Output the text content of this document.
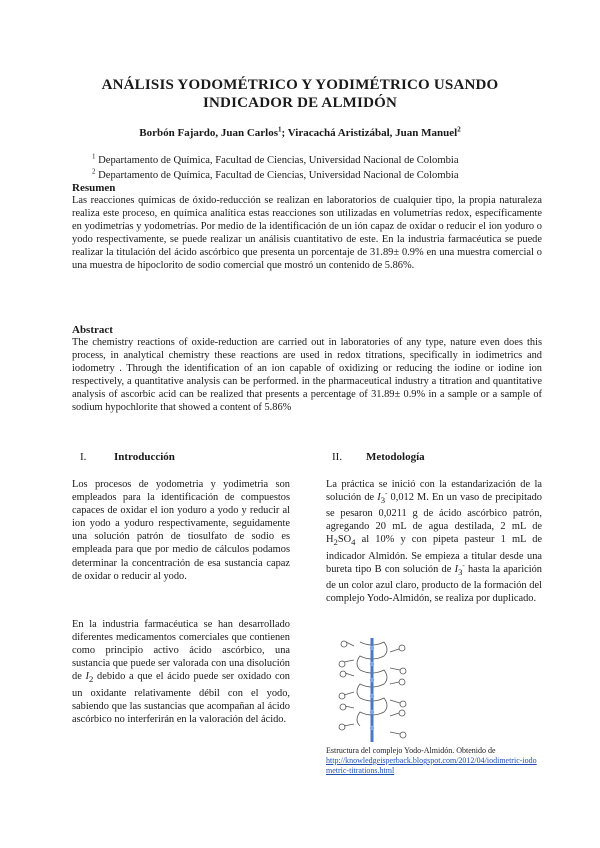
ANÁLISIS YODOMÉTRICO Y YODIMÉTRICO USANDO
INDICADOR DE ALMIDÓN
Borbón Fajardo, Juan Carlos$^1$; Viracachá Aristizábal, Juan Manuel$^2$
$^1$ Departamento de Química, Facultad de Ciencias, Universidad Nacional de Colombia
$^2$ Departamento de Química, Facultad de Ciencias, Universidad Nacional de Colombia
Resumen
Las reacciones químicas de óxido-reducción se realizan en laboratorios de cualquier tipo, la propia naturaleza realiza este proceso, en química analítica estas reacciones son utilizadas en volumetrías redox, específicamente en yodimetrías y yodometrías. Por medio de la identificación de un ión capaz de oxidar o reducir el ion yoduro o yodo respectivamente, se puede realizar un análisis cuantitativo de este. En la industria farmacéutica se puede realizar la titulación del ácido ascórbico que presenta un porcentaje de 31.89± 0.9% en una muestra comercial o una muestra de hipoclorito de sodio comercial que mostró un contenido de 5.86%.
Abstract
The chemistry reactions of oxide-reduction are carried out in laboratories of any type, nature even does this process, in analytical chemistry these reactions are used in redox titrations, specifically in iodimetrics and iodometry . Through the identification of an ion capable of oxidizing or reducing the iodine or iodine ion respectively, a quantitative analysis can be performed. in the pharmaceutical industry a titration and quantitative analysis of ascorbic acid can be realized that presents a percentage of 31.89± 0.9% in a sample or a sample of sodium hypochlorite that showed a content of 5.86%
I.	Introducción
Los procesos de yodometria y yodimetria son empleados para la identificación de compuestos capaces de oxidar el ion yoduro a yodo y reducir al ion yodo a yoduro respectivamente, seguidamente una solución patrón de tiosulfato de sodio es empleada para que por medio de cálculos podamos determinar la concentración de esa sustancia capaz de oxidar o reducir al yodo.
En la industria farmacéutica se han desarrollado diferentes medicamentos comerciales que contienen como principio activo ácido ascórbico, una sustancia que puede ser valorada con una disolución de $I_2$ debido a que el ácido puede ser oxidado con un oxidante relativamente débil con el yodo, sabiendo que las sustancias que acompañan al ácido ascórbico no interferirán en la valoración del ácido.
II. Metodología
La práctica se inició con la estandarización de la solución de $I_3^-$ 0,012 M. En un vaso de precipitado se pesaron 0,0211 g de ácido ascórbico patrón, agregando 20 mL de agua destilada, 2 mL de $H_2SO_4$ al 10% y con pipeta pasteur 1 mL de indicador Almidón. Se empieza a titular desde una bureta tipo B con solución de $I_3^-$ hasta la aparición de un color azul claro, producto de la formación del complejo Yodo-Almidón, se realiza por duplicado.
Estructura del complejo Yodo-Almidón. Obtenido de
http://knowledgeisperback.blogspot.com/2012/04/iodimetric-iodometric-titrations.html
